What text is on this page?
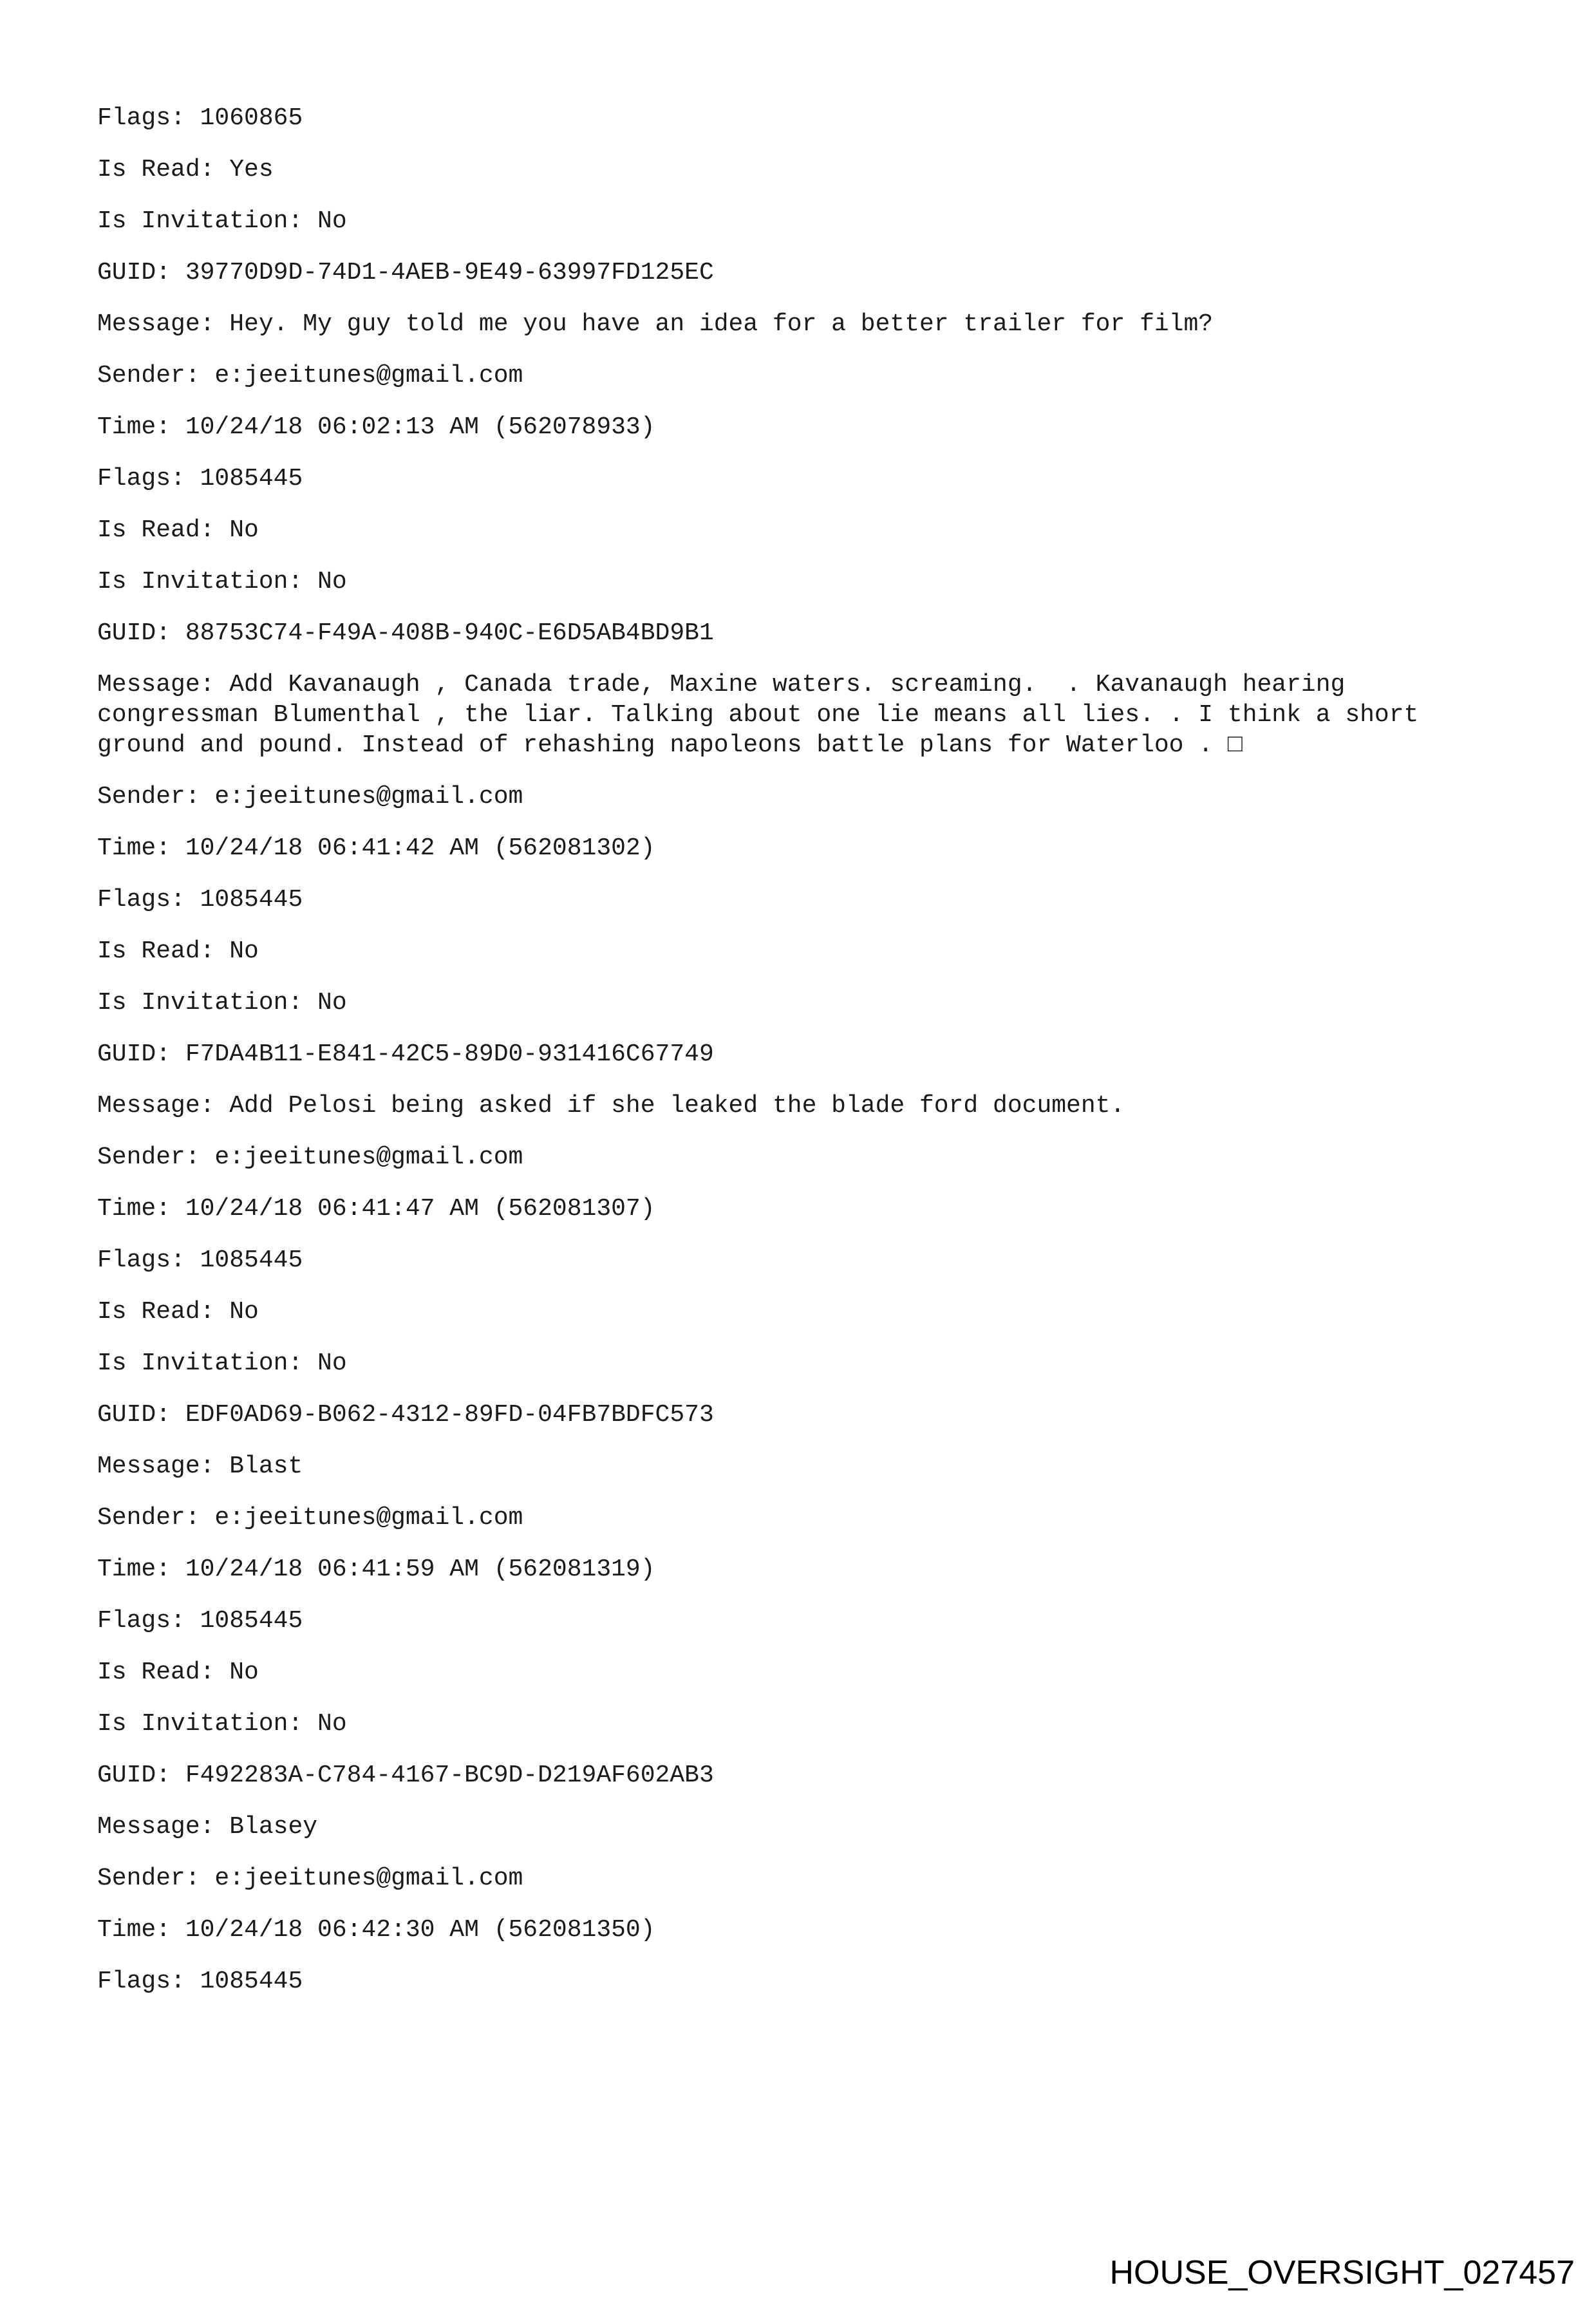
Flags: 1060865

Is Read: Yes

Is Invitation: No

GUID: 39770D9D-74D1-4AEB-9E49-63997FD125EC

Message: Hey. My guy told me you have an idea for a better trailer for film?

Sender: e:jeeitunes@gmail.com

Time: 10/24/18 06:02:13 AM (562078933)

Flags: 1085445

Is Read: No

Is Invitation: No

GUID: 88753C74-F49A-408B-940C-E6D5AB4BD9B1

Message: Add Kavanaugh , Canada trade, Maxine waters. screaming.  . Kavanaugh hearing congressman Blumenthal , the liar. Talking about one lie means all lies. . I think a short ground and pound. Instead of rehashing napoleons battle plans for Waterloo . □

Sender: e:jeeitunes@gmail.com

Time: 10/24/18 06:41:42 AM (562081302)

Flags: 1085445

Is Read: No

Is Invitation: No

GUID: F7DA4B11-E841-42C5-89D0-931416C67749

Message: Add Pelosi being asked if she leaked the blade ford document.

Sender: e:jeeitunes@gmail.com

Time: 10/24/18 06:41:47 AM (562081307)

Flags: 1085445

Is Read: No

Is Invitation: No

GUID: EDF0AD69-B062-4312-89FD-04FB7BDFC573

Message: Blast

Sender: e:jeeitunes@gmail.com

Time: 10/24/18 06:41:59 AM (562081319)

Flags: 1085445

Is Read: No

Is Invitation: No

GUID: F492283A-C784-4167-BC9D-D219AF602AB3

Message: Blasey

Sender: e:jeeitunes@gmail.com

Time: 10/24/18 06:42:30 AM (562081350)

Flags: 1085445

HOUSE_OVERSIGHT_027457
